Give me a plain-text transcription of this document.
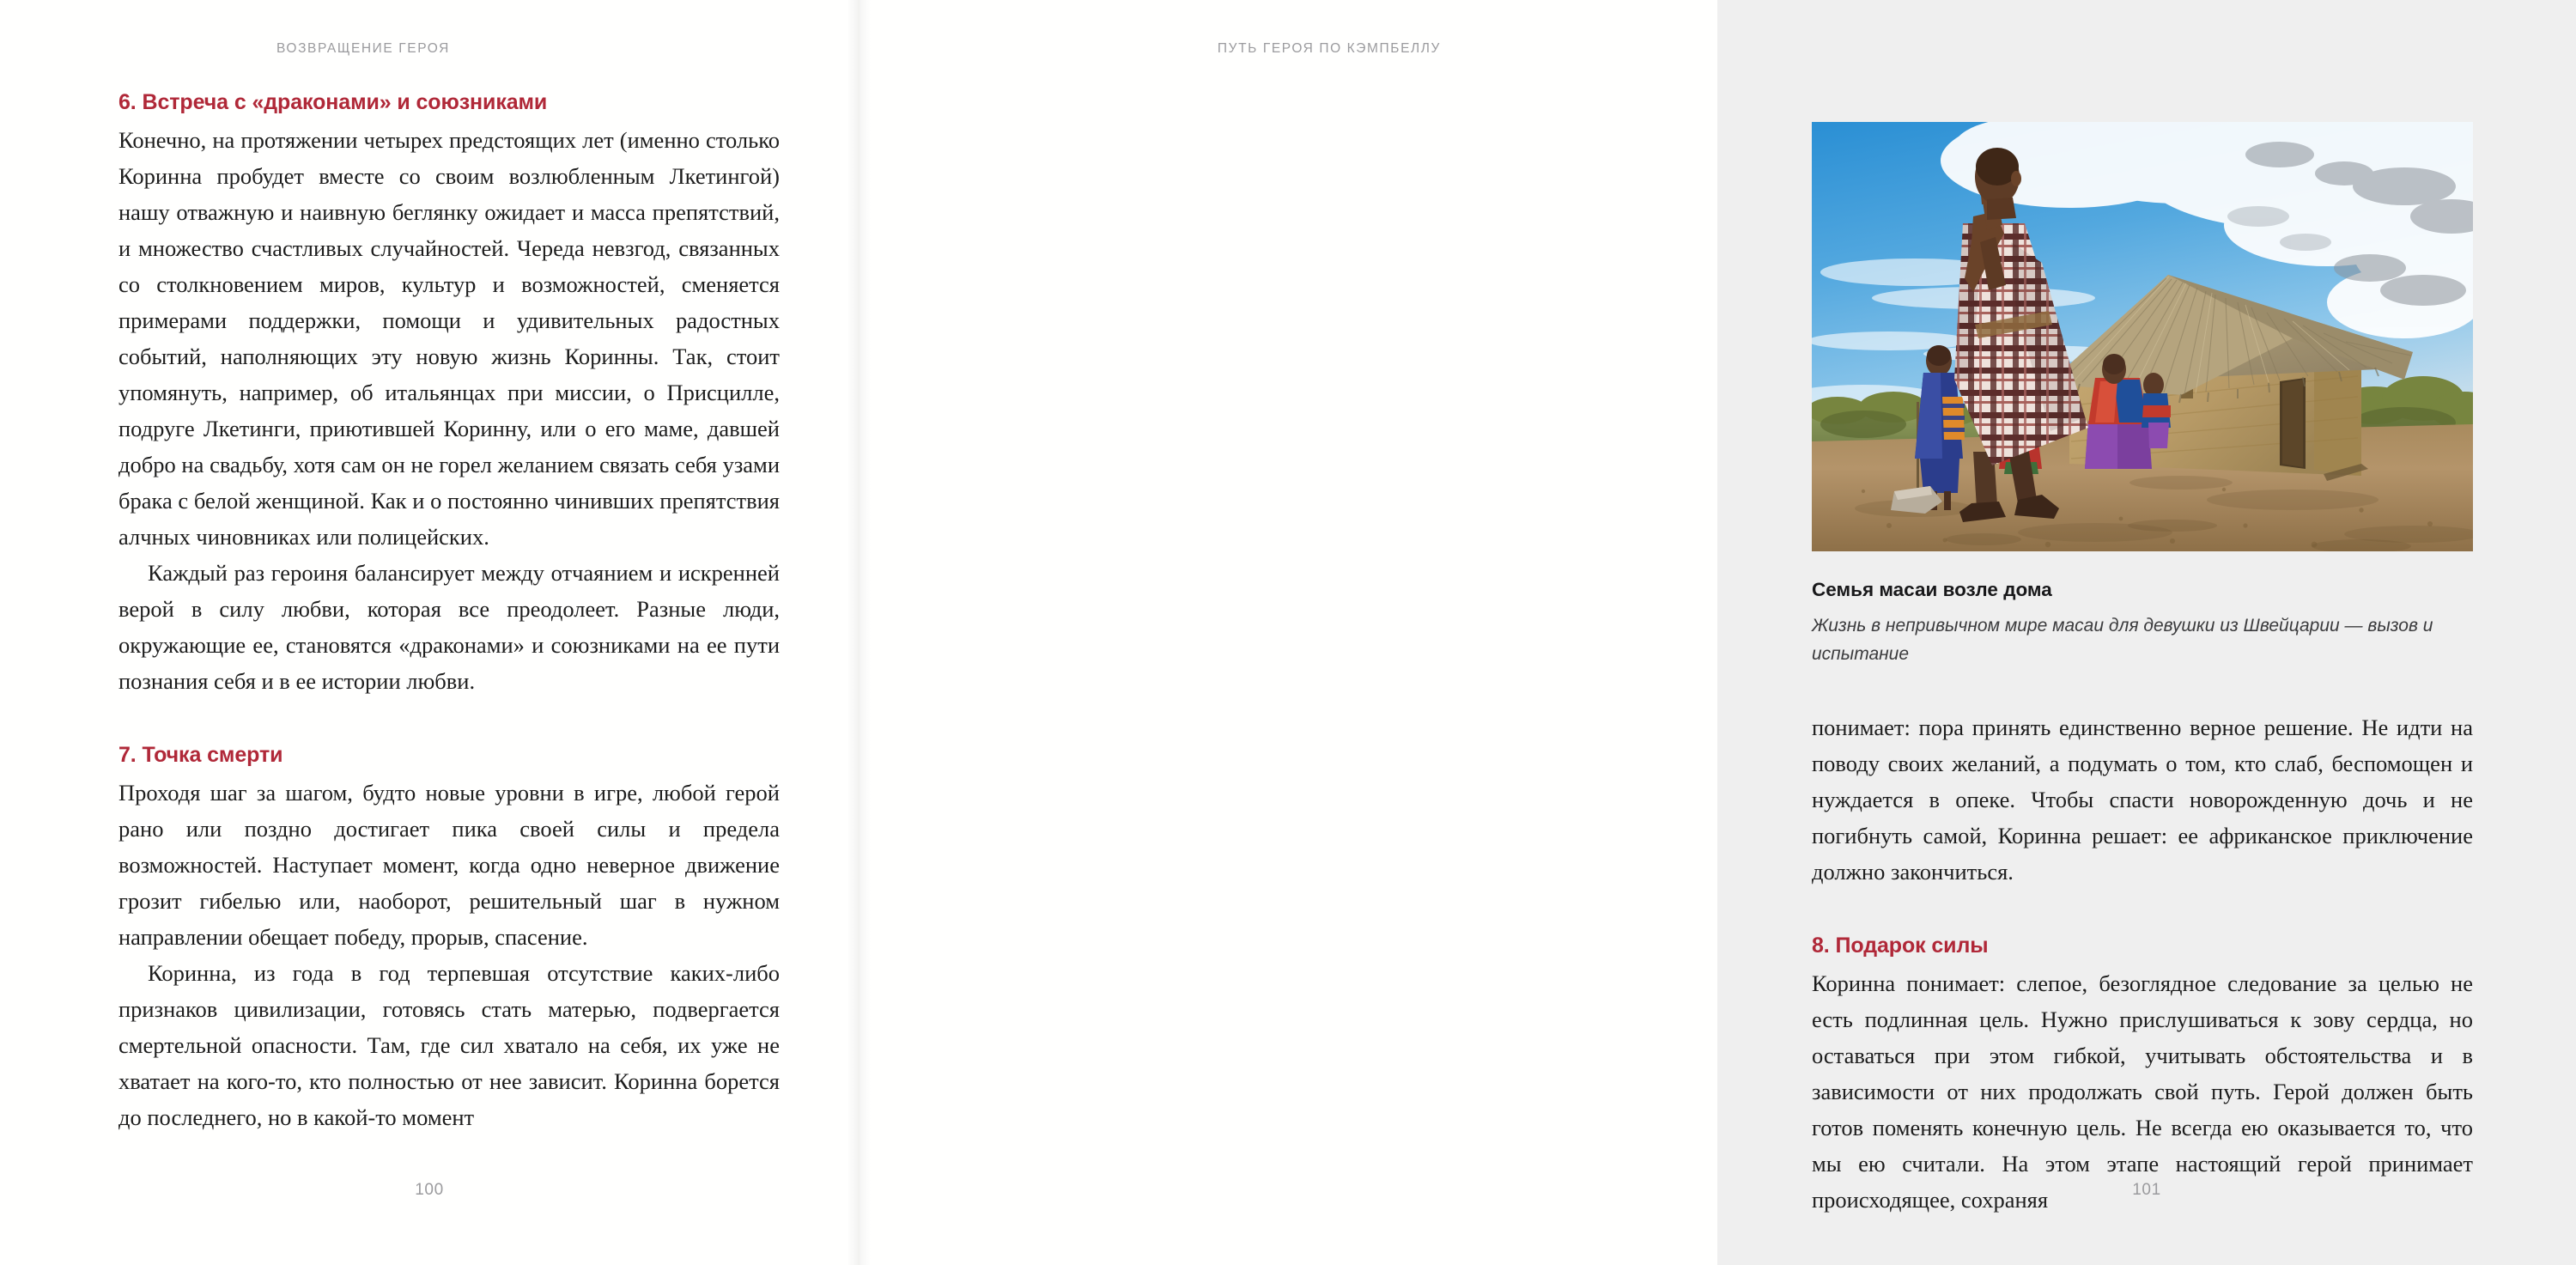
ВОЗВРАЩЕНИЕ ГЕРОЯ
6. Встреча с «драконами» и союзниками

Конечно, на протяжении четырех предстоящих лет (именно столько Коринна пробудет вместе со своим возлюбленным Лкетингой) нашу отважную и наивную беглянку ожидает и масса препятствий, и множество счастливых случайностей. Череда невзгод, связанных со столкновением миров, культур и возможностей, сменяется примерами поддержки, помощи и удивительных радостных событий, наполняющих эту новую жизнь Коринны. Так, стоит упомянуть, например, об итальянцах при миссии, о Присцилле, подруге Лкетинги, приютившей Коринну, или о его маме, давшей добро на свадьбу, хотя сам он не горел желанием связать себя узами брака с белой женщиной. Как и о постоянно чинивших препятствия алчных чиновниках или полицейских.

Каждый раз героиня балансирует между отчаянием и искренней верой в силу любви, которая все преодолеет. Разные люди, окружающие ее, становятся «драконами» и союзниками на ее пути познания себя и в ее истории любви.

7. Точка смерти

Проходя шаг за шагом, будто новые уровни в игре, любой герой рано или поздно достигает пика своей силы и предела возможностей. Наступает момент, когда одно неверное движение грозит гибелью или, наоборот, решительный шаг в нужном направлении обещает победу, прорыв, спасение.

Коринна, из года в год терпевшая отсутствие каких-либо признаков цивилизации, готовясь стать матерью, подвергается смертельной опасности. Там, где сил хватало на себя, их уже не хватает на кого-то, кто полностью от нее зависит. Коринна борется до последнего, но в какой-то момент

100
ПУТЬ ГЕРОЯ ПО КЭМПБЕЛЛУ
Семья масаи возле дома
Жизнь в непривычном мире масаи для девушки из Швейцарии — вызов и испытание

понимает: пора принять единственно верное решение. Не идти на поводу своих желаний, а подумать о том, кто слаб, беспомощен и нуждается в опеке. Чтобы спасти новорожденную дочь и не погибнуть самой, Коринна решает: ее африканское приключение должно закончиться.

8. Подарок силы

Коринна понимает: слепое, безоглядное следование за целью не есть подлинная цель. Нужно прислушиваться к зову сердца, но оставаться при этом гибкой, учитывать обстоятельства и в зависимости от них продолжать свой путь. Герой должен быть готов поменять конечную цель. Не всегда ею оказывается то, что мы ею считали. На этом этапе настоящий герой принимает происходящее, сохраняя	101
